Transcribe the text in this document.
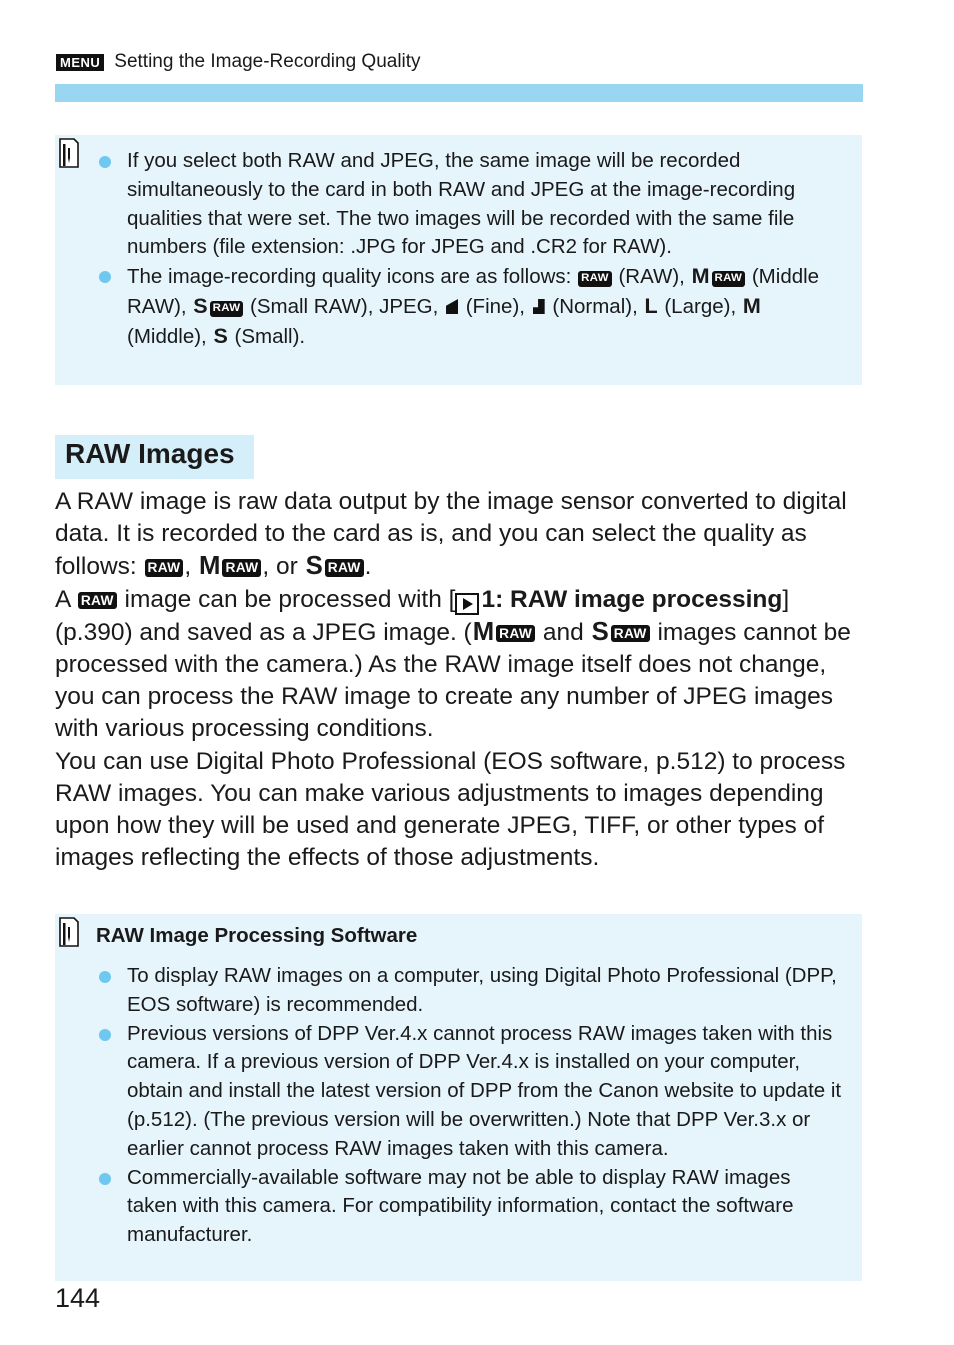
MENU Setting the Image-Recording Quality
If you select both RAW and JPEG, the same image will be recorded simultaneously to the card in both RAW and JPEG at the image-recording qualities that were set. The two images will be recorded with the same file numbers (file extension: .JPG for JPEG and .CR2 for RAW).
The image-recording quality icons are as follows: RAW (RAW), M RAW (Middle RAW), S RAW (Small RAW), JPEG, (Fine), (Normal), L (Large), M (Middle), S (Small).
RAW Images

A RAW image is raw data output by the image sensor converted to digital data. It is recorded to the card as is, and you can select the quality as follows: RAW , M RAW , or S RAW .

A RAW image can be processed with [ 1: RAW image processing] (p.390) and saved as a JPEG image. (M RAW and S RAW images cannot be processed with the camera.) As the RAW image itself does not change, you can process the RAW image to create any number of JPEG images with various processing conditions.

You can use Digital Photo Professional (EOS software, p.512) to process RAW images. You can make various adjustments to images depending upon how they will be used and generate JPEG, TIFF, or other types of images reflecting the effects of those adjustments.

RAW Image Processing Software
To display RAW images on a computer, using Digital Photo Professional (DPP, EOS software) is recommended.
Previous versions of DPP Ver.4.x cannot process RAW images taken with this camera. If a previous version of DPP Ver.4.x is installed on your computer, obtain and install the latest version of DPP from the Canon website to update it (p.512). (The previous version will be overwritten.) Note that DPP Ver.3.x or earlier cannot process RAW images taken with this camera.
Commercially-available software may not be able to display RAW images taken with this camera. For compatibility information, contact the software manufacturer.
144
